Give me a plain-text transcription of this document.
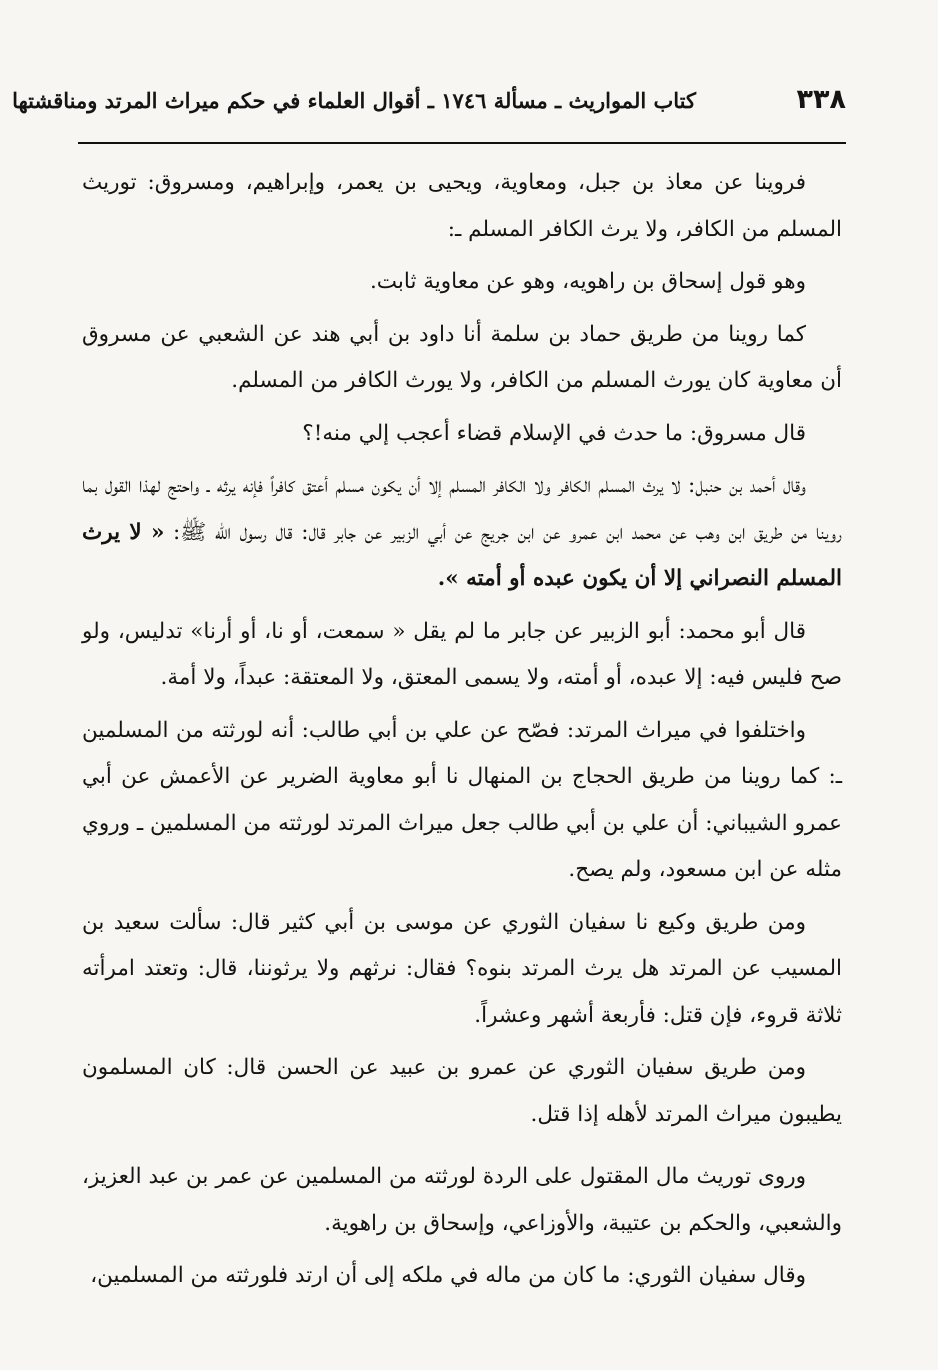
٣٣٨
كتاب المواريث ـ مسألة ١٧٤٦ ـ أقوال العلماء في حكم ميراث المرتد ومناقشتها

فروينا عن معاذ بن جبل، ومعاوية، ويحيى بن يعمر، وإبراهيم، ومسروق: توريث المسلم من الكافر، ولا يرث الكافر المسلم ـ:

وهو قول إسحاق بن راهويه، وهو عن معاوية ثابت.

كما روينا من طريق حماد بن سلمة أنا داود بن أبي هند عن الشعبي عن مسروق أن معاوية كان يورث المسلم من الكافر، ولا يورث الكافر من المسلم.

قال مسروق: ما حدث في الإسلام قضاء أعجب إلي منه!؟

وقال أحمد بن حنبل: لا يرث المسلم الكافر ولا الكافر المسلم إلا أن يكون مسلم أعتق كافراً فإنه يرثه ـ واحتج لهذا القول بما روينا من طريق ابن وهب عن محمد ابن عمرو عن ابن جريج عن أبي الزبير عن جابر قال: قال رسول الله ﷺ: « لا يرث المسلم النصراني إلا أن يكون عبده أو أمته ».

قال أبو محمد: أبو الزبير عن جابر ما لم يقل « سمعت، أو نا، أو أرنا» تدليس، ولو صح فليس فيه: إلا عبده، أو أمته، ولا يسمى المعتق، ولا المعتقة: عبداً، ولا أمة.

واختلفوا في ميراث المرتد: فصّح عن علي بن أبي طالب: أنه لورثته من المسلمين ـ: كما روينا من طريق الحجاج بن المنهال نا أبو معاوية الضرير عن الأعمش عن أبي عمرو الشيباني: أن علي بن أبي طالب جعل ميراث المرتد لورثته من المسلمين ـ وروي مثله عن ابن مسعود، ولم يصح.

ومن طريق وكيع نا سفيان الثوري عن موسى بن أبي كثير قال: سألت سعيد بن المسيب عن المرتد هل يرث المرتد بنوه؟ فقال: نرثهم ولا يرثوننا، قال: وتعتد امرأته ثلاثة قروء، فإن قتل: فأربعة أشهر وعشراً.

ومن طريق سفيان الثوري عن عمرو بن عبيد عن الحسن قال: كان المسلمون يطيبون ميراث المرتد لأهله إذا قتل.

وروى توريث مال المقتول على الردة لورثته من المسلمين عن عمر بن عبد العزيز، والشعبي، والحكم بن عتيبة، والأوزاعي، وإسحاق بن راهوية.

وقال سفيان الثوري: ما كان من ماله في ملكه إلى أن ارتد فلورثته من المسلمين،
